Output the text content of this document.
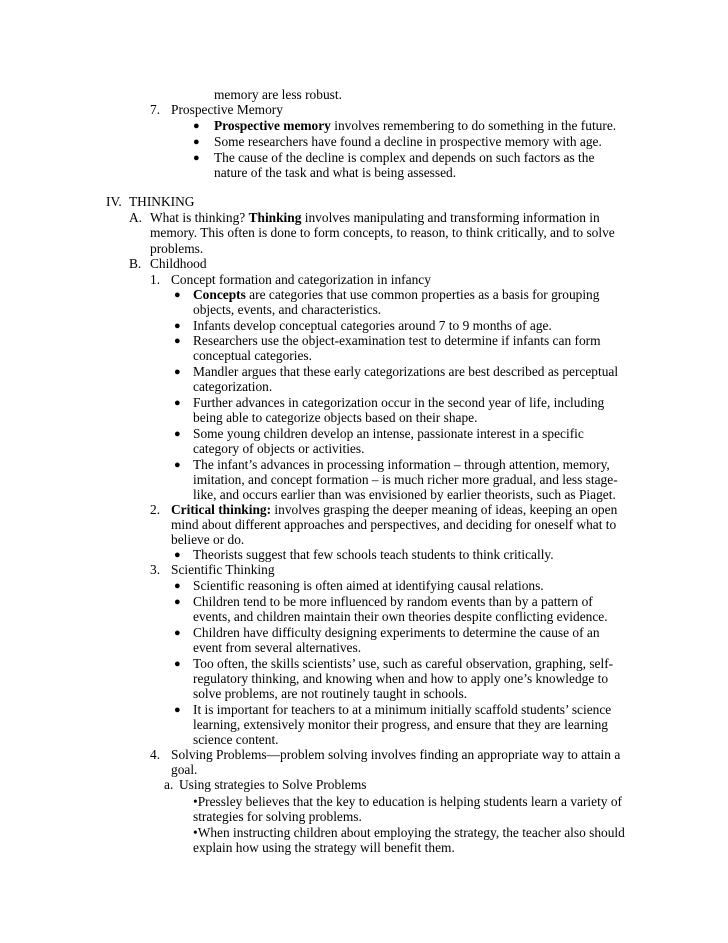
memory are less robust.
7. Prospective Memory
● Prospective memory involves remembering to do something in the future.
● Some researchers have found a decline in prospective memory with age.
● The cause of the decline is complex and depends on such factors as the
nature of the task and what is being assessed.
IV. THINKING
A. What is thinking? Thinking involves manipulating and transforming information in
memory. This often is done to form concepts, to reason, to think critically, and to solve
problems.
B. Childhood
1. Concept formation and categorization in infancy
● Concepts are categories that use common properties as a basis for grouping
objects, events, and characteristics.
● Infants develop conceptual categories around 7 to 9 months of age.
● Researchers use the object-examination test to determine if infants can form
conceptual categories.
● Mandler argues that these early categorizations are best described as perceptual
categorization.
● Further advances in categorization occur in the second year of life, including
being able to categorize objects based on their shape.
● Some young children develop an intense, passionate interest in a specific
category of objects or activities.
● The infant’s advances in processing information – through attention, memory,
imitation, and concept formation – is much richer more gradual, and less stage-
like, and occurs earlier than was envisioned by earlier theorists, such as Piaget.
2. Critical thinking: involves grasping the deeper meaning of ideas, keeping an open
mind about different approaches and perspectives, and deciding for oneself what to
believe or do.
● Theorists suggest that few schools teach students to think critically.
3. Scientific Thinking
● Scientific reasoning is often aimed at identifying causal relations.
● Children tend to be more influenced by random events than by a pattern of
events, and children maintain their own theories despite conflicting evidence.
● Children have difficulty designing experiments to determine the cause of an
event from several alternatives.
● Too often, the skills scientists’ use, such as careful observation, graphing, self-
regulatory thinking, and knowing when and how to apply one’s knowledge to
solve problems, are not routinely taught in schools.
● It is important for teachers to at a minimum initially scaffold students’ science
learning, extensively monitor their progress, and ensure that they are learning
science content.
4. Solving Problems—problem solving involves finding an appropriate way to attain a
goal.
a. Using strategies to Solve Problems
•Pressley believes that the key to education is helping students learn a variety of
strategies for solving problems.
•When instructing children about employing the strategy, the teacher also should
explain how using the strategy will benefit them.
